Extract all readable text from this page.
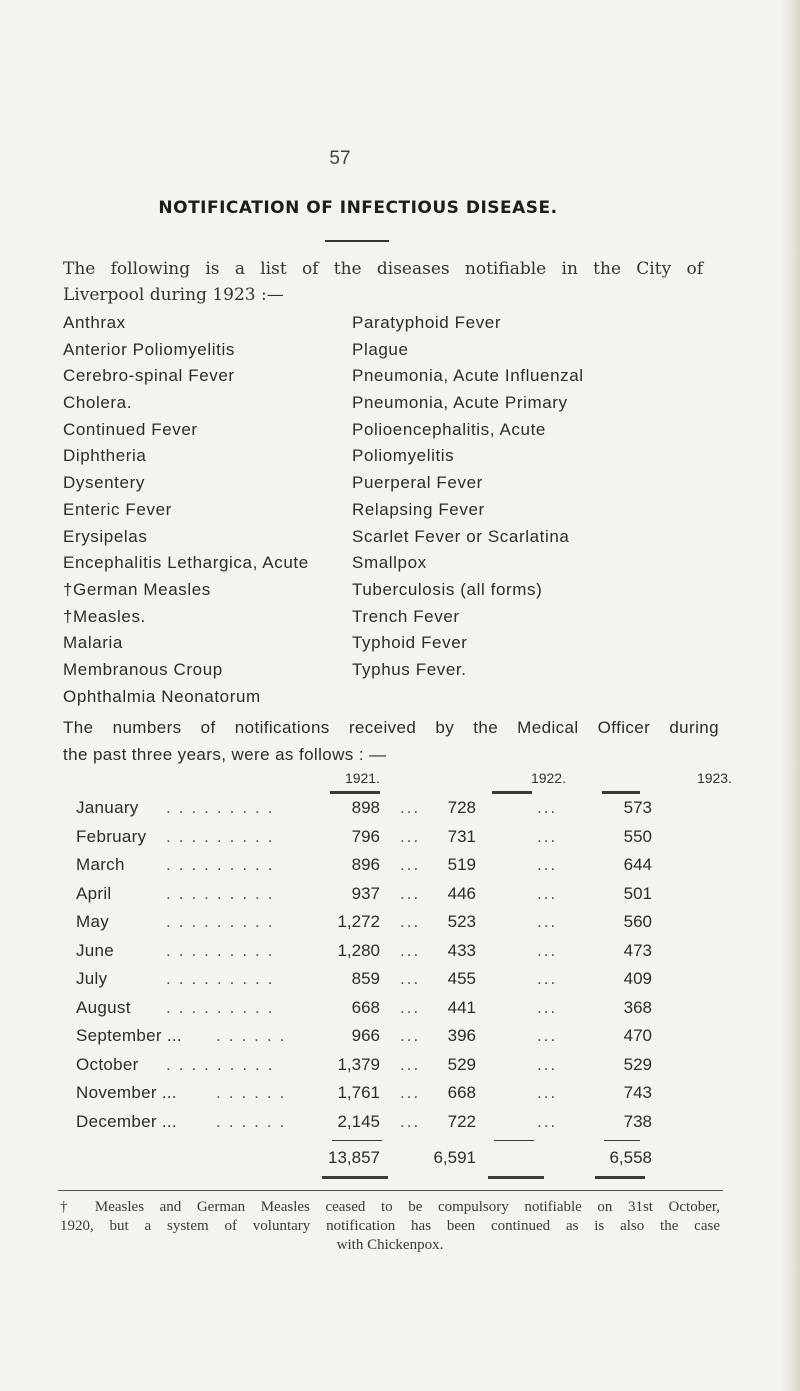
57
NOTIFICATION OF INFECTIOUS DISEASE.
The following is a list of the diseases notifiable in the City of
Liverpool during 1923 :—
Anthrax
Anterior Poliomyelitis
Cerebro-spinal Fever
Cholera.
Continued Fever
Diphtheria
Dysentery
Enteric Fever
Erysipelas
Encephalitis Lethargica, Acute
†German Measles
†Measles.
Malaria
Membranous Croup
Ophthalmia Neonatorum
Paratyphoid Fever
Plague
Pneumonia, Acute Influenzal
Pneumonia, Acute Primary
Polioencephalitis, Acute
Poliomyelitis
Puerperal Fever
Relapsing Fever
Scarlet Fever or Scarlatina
Smallpox
Tuberculosis (all forms)
Trench Fever
Typhoid Fever
Typhus Fever.
The numbers of notifications received by the Medical Officer during
the past three years, were as follows : —
1921.	1922.	1923.
January .........	898 ...	728	...	573
February .........	796 ...	731	...	550
March .........	896 ...	519	...	644
April	.........	937 ...	446	...	501
May	.........	1,272 ...	523	...	560
June	.........	1,280 ...	433	...	473
July	.........	859 ...	455	...	409
August .........	668 ...	441	...	368
September ... ......	966 ...	396	...	470
October .........	1,379 ...	529	...	529
November ... ......	1,761 ...	668	...	743
December ... ......	2,145 ...	722	...	738
13,857	6,591	6,558
† Measles and German Measles ceased to be compulsory notifiable on 31st October,
1920, but a system of voluntary notification has been continued as is also the case
with Chickenpox.
